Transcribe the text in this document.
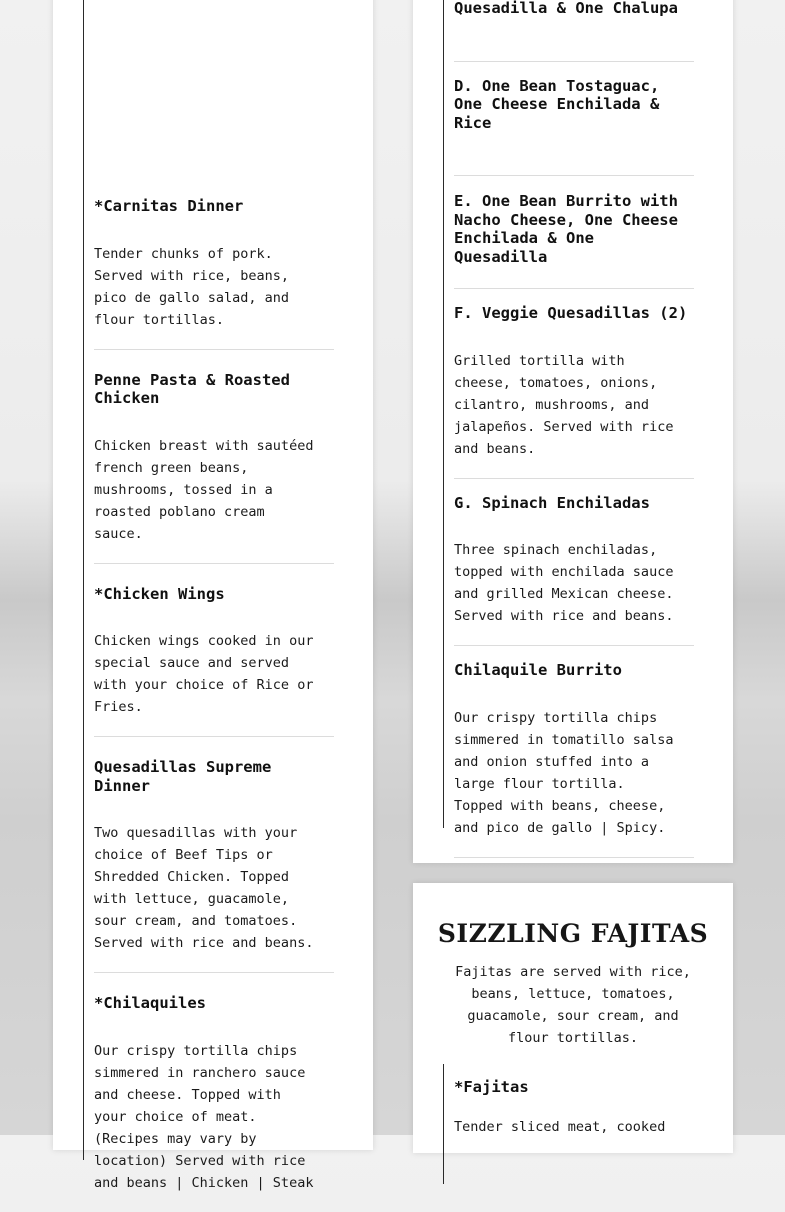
*Carnitas Dinner

Tender chunks of pork. Served with rice, beans, pico de gallo salad, and flour tortillas.

Penne Pasta & Roasted Chicken

Chicken breast with sautéed french green beans, mushrooms, tossed in a roasted poblano cream sauce.

*Chicken Wings

Chicken wings cooked in our special sauce and served with your choice of Rice or Fries.

Quesadillas Supreme Dinner

Two quesadillas with your choice of Beef Tips or Shredded Chicken. Topped with lettuce, guacamole, sour cream, and tomatoes. Served with rice and beans.

*Chilaquiles

Our crispy tortilla chips simmered in ranchero sauce and cheese. Topped with your choice of meat. (Recipes may vary by location) Served with rice and beans | Chicken | Steak

Quesadilla & One Chalupa
D. One Bean Tostaguac, One Cheese Enchilada & Rice
E. One Bean Burrito with Nacho Cheese, One Cheese Enchilada & One Quesadilla
F. Veggie Quesadillas (2)

Grilled tortilla with cheese, tomatoes, onions, cilantro, mushrooms, and jalapeños. Served with rice and beans.

G. Spinach Enchiladas

Three spinach enchiladas, topped with enchilada sauce and grilled Mexican cheese. Served with rice and beans.

Chilaquile Burrito

Our crispy tortilla chips simmered in tomatillo salsa and onion stuffed into a large flour tortilla. Topped with beans, cheese, and pico de gallo | Spicy.

SIZZLING FAJITAS

Fajitas are served with rice, beans, lettuce, tomatoes, guacamole, sour cream, and flour tortillas.

*Fajitas

Tender sliced meat, cooked
